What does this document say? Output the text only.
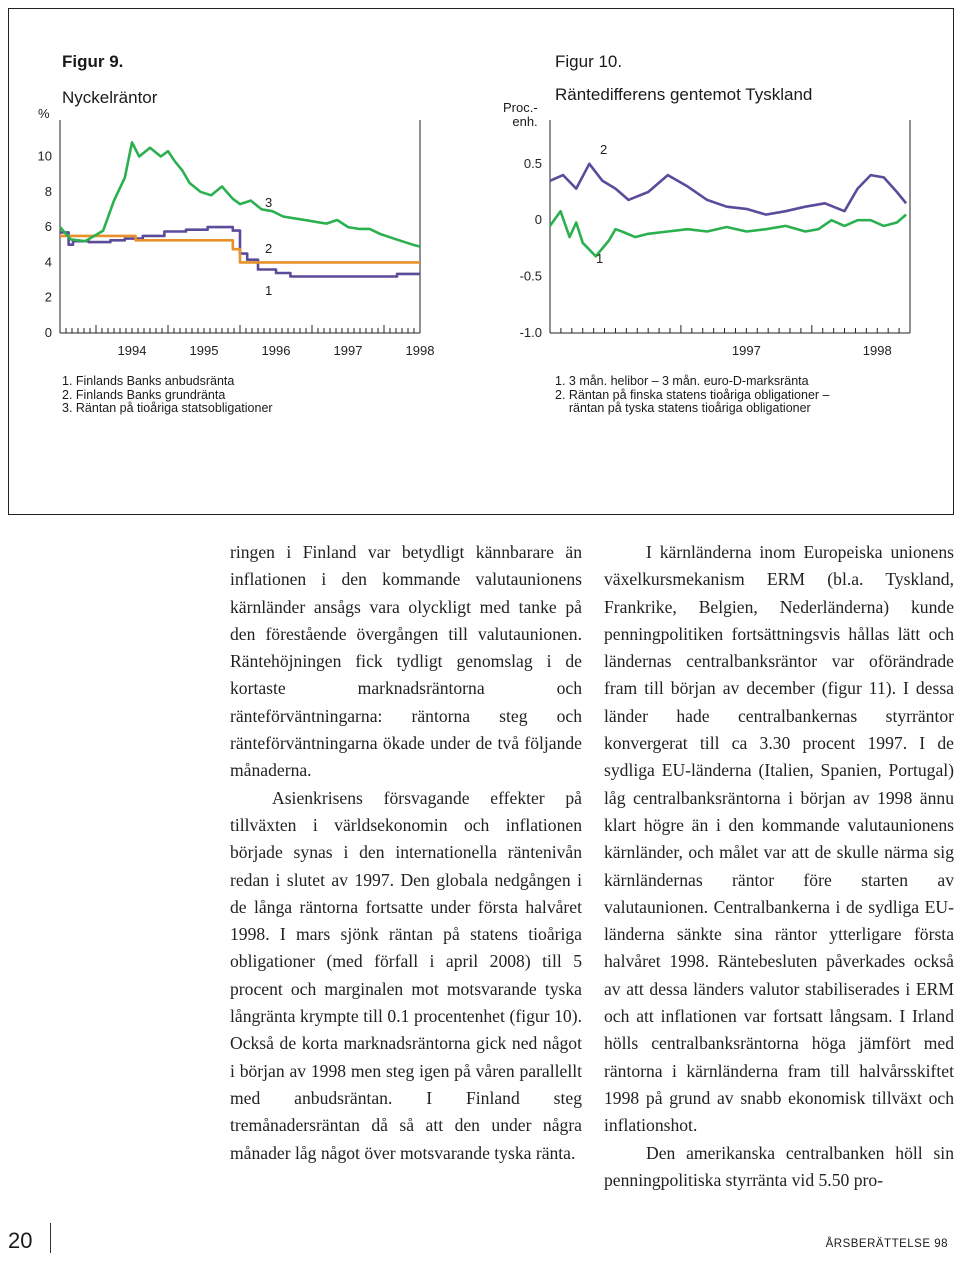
Figur 9.
Nyckelräntor
%
Figur 10.
Räntedifferens gentemot Tyskland
Proc.-
enh.
10
8
6
4
2
0
1994	1995	1996	1997	1998
3
2
1
0.5
0
-0.5
-1.0
1997	1998
2
1
1. Finlands Banks anbudsränta
2. Finlands Banks grundränta
3. Räntan på tioåriga statsobligationer
1. 3 mån. helibor – 3 mån. euro-D-marksränta
2. Räntan på finska statens tioåriga obligationer –
räntan på tyska statens tioåriga obligationer

ringen i Finland var betydligt kännbarare än inflationen i den kommande valutaunionens kärnländer ansågs vara olyckligt med tanke på den förestående övergången till valutaunionen. Räntehöjningen fick tydligt genomslag i de kortaste marknadsräntorna och ränteförväntningarna: räntorna steg och ränteförväntningarna ökade under de två följande månaderna.

Asienkrisens försvagande effekter på tillväxten i världsekonomin och inflationen började synas i den internationella räntenivån redan i slutet av 1997. Den globala nedgången i de långa räntorna fortsatte under första halvåret 1998. I mars sjönk räntan på statens tioåriga obligationer (med förfall i april 2008) till 5 procent och marginalen mot motsvarande tyska långränta krympte till 0.1 procentenhet (figur 10). Också de korta marknadsräntorna gick ned något i början av 1998 men steg igen på våren parallellt med anbudsräntan. I Finland steg tremånadersräntan då så att den under några månader låg något över motsvarande tyska ränta.

I kärnländerna inom Europeiska unionens växelkursmekanism ERM (bl.a. Tyskland, Frankrike, Belgien, Nederländerna) kunde penningpolitiken fortsättningsvis hållas lätt och ländernas centralbanksräntor var oförändrade fram till början av december (figur 11). I dessa länder hade centralbankernas styrräntor konvergerat till ca 3.30 procent 1997. I de sydliga EU-länderna (Italien, Spanien, Portugal) låg centralbanksräntorna i början av 1998 ännu klart högre än i den kommande valutaunionens kärnländer, och målet var att de skulle närma sig kärnländernas räntor före starten av valutaunionen. Centralbankerna i de sydliga EU-länderna sänkte sina räntor ytterligare första halvåret 1998. Räntebesluten påverkades också av att dessa länders valutor stabiliserades i ERM och att inflationen var fortsatt långsam. I Irland hölls centralbanksräntorna höga jämfört med räntorna i kärnländerna fram till halvårsskiftet 1998 på grund av snabb ekonomisk tillväxt och inflationshot.

Den amerikanska centralbanken höll sin penningpolitiska styrränta vid 5.50 pro-

20	ÅRSBERÄTTELSE 98
